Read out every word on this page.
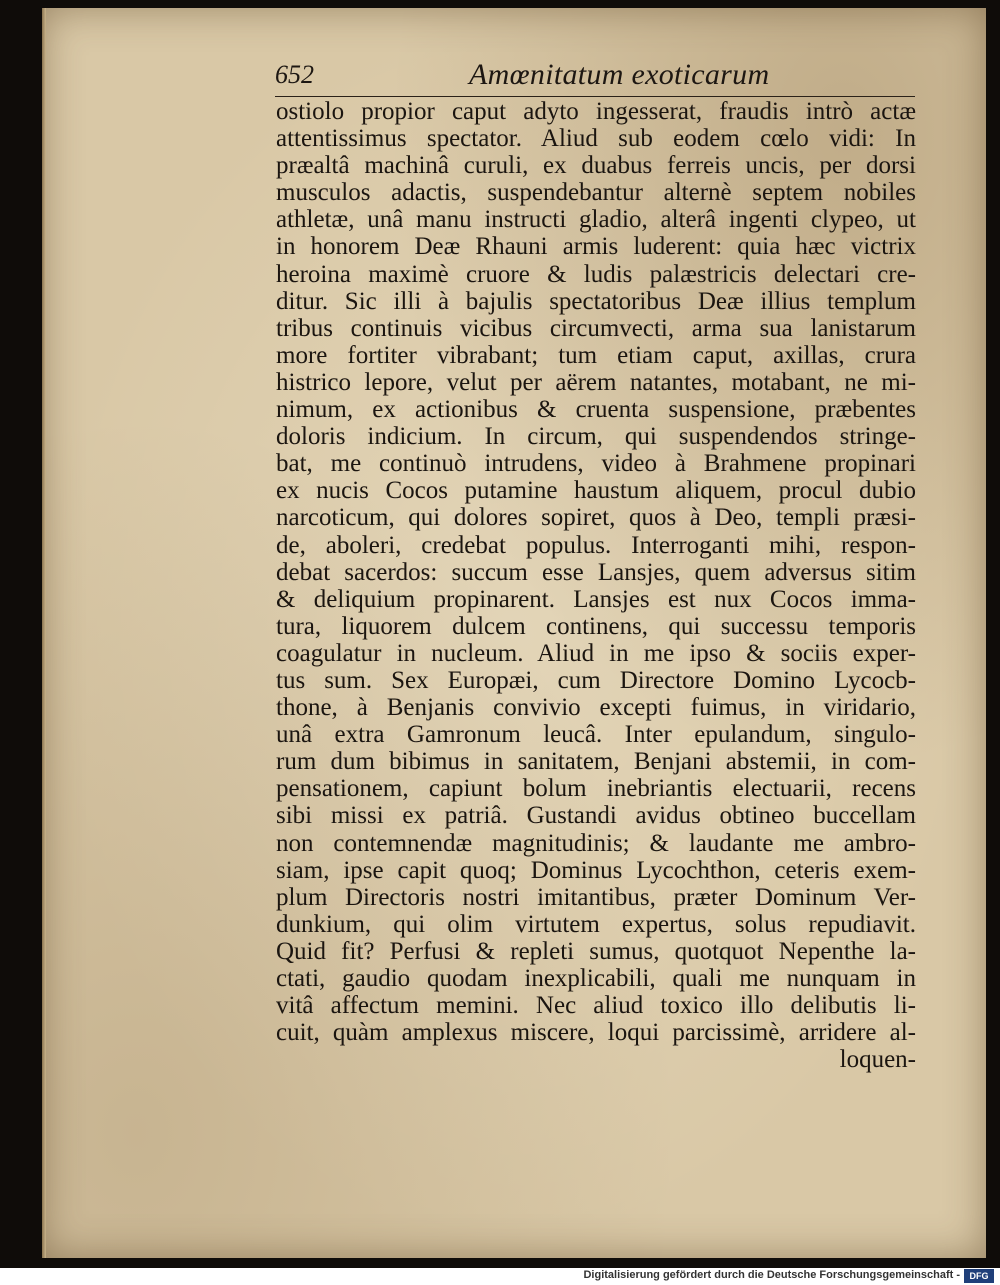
652	Amœnitatum exoticarum
ostiolo propior caput adyto ingesserat, fraudis intrò actæ
attentissimus spectator. Aliud sub eodem cœlo vidi: In
præaltâ machinâ curuli, ex duabus ferreis uncis, per dorsi
musculos adactis, suspendebantur alternè septem nobiles
athletæ, unâ manu instructi gladio, alterâ ingenti clypeo, ut
in honorem Deæ Rhauni armis luderent: quia hæc victrix
heroina maximè cruore & ludis palæstricis delectari cre-
ditur. Sic illi à bajulis spectatoribus Deæ illius templum
tribus continuis vicibus circumvecti, arma sua lanistarum
more fortiter vibrabant; tum etiam caput, axillas, crura
histrico lepore, velut per aërem natantes, motabant, ne mi-
nimum, ex actionibus & cruenta suspensione, præbentes
doloris indicium. In circum, qui suspendendos stringe-
bat, me continuò intrudens, video à Brahmene propinari
ex nucis Cocos putamine haustum aliquem, procul dubio
narcoticum, qui dolores sopiret, quos à Deo, templi præsi-
de, aboleri, credebat populus. Interroganti mihi, respon-
debat sacerdos: succum esse Lansjes, quem adversus sitim
& deliquium propinarent. Lansjes est nux Cocos imma-
tura, liquorem dulcem continens, qui successu temporis
coagulatur in nucleum. Aliud in me ipso & sociis exper-
tus sum. Sex Europæi, cum Directore Domino Lycocb-
thone, à Benjanis convivio excepti fuimus, in viridario,
unâ extra Gamronum leucâ. Inter epulandum, singulo-
rum dum bibimus in sanitatem, Benjani abstemii, in com-
pensationem, capiunt bolum inebriantis electuarii, recens
sibi missi ex patriâ. Gustandi avidus obtineo buccellam
non contemnendæ magnitudinis; & laudante me ambro-
siam, ipse capit quoq; Dominus Lycochthon, ceteris exem-
plum Directoris nostri imitantibus, præter Dominum Ver-
dunkium, qui olim virtutem expertus, solus repudiavit.
Quid fit? Perfusi & repleti sumus, quotquot Nepenthe la-
ctati, gaudio quodam inexplicabili, quali me nunquam in
vitâ affectum memini. Nec aliud toxico illo delibutis li-
cuit, quàm amplexus miscere, loqui parcissimè, arridere al-
loquen-
Digitalisierung gefördert durch die Deutsche Forschungsgemeinschaft -	DFG
